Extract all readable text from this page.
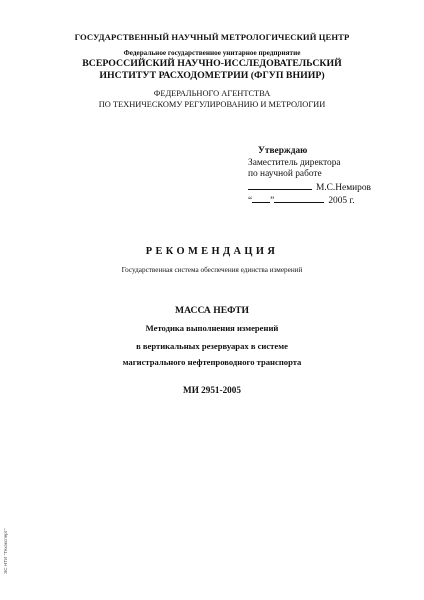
ГОСУДАРСТВЕННЫЙ НАУЧНЫЙ МЕТРОЛОГИЧЕСКИЙ ЦЕНТР
Федеральное государственное унитарное предприятие
ВСЕРОССИЙСКИЙ НАУЧНО-ИССЛЕДОВАТЕЛЬСКИЙ
ИНСТИТУТ РАСХОДОМЕТРИИ (ФГУП ВНИИР)
ФЕДЕРАЛЬНОГО АГЕНТСТВА
ПО ТЕХНИЧЕСКОМУ РЕГУЛИРОВАНИЮ И МЕТРОЛОГИИ
Утверждаю
Заместитель директора
по научной работе
М.С.Немиров
“ ”	2005 г.
РЕКОМЕНДАЦИЯ
Государственная система обеспечения единства измерений
МАССА НЕФТИ
Методика выполнения измерений
в вертикальных резервуарах в системе
магистрального нефтепроводного транспорта
МИ 2951-2005
ЭС НТИ "Техэксперт"
